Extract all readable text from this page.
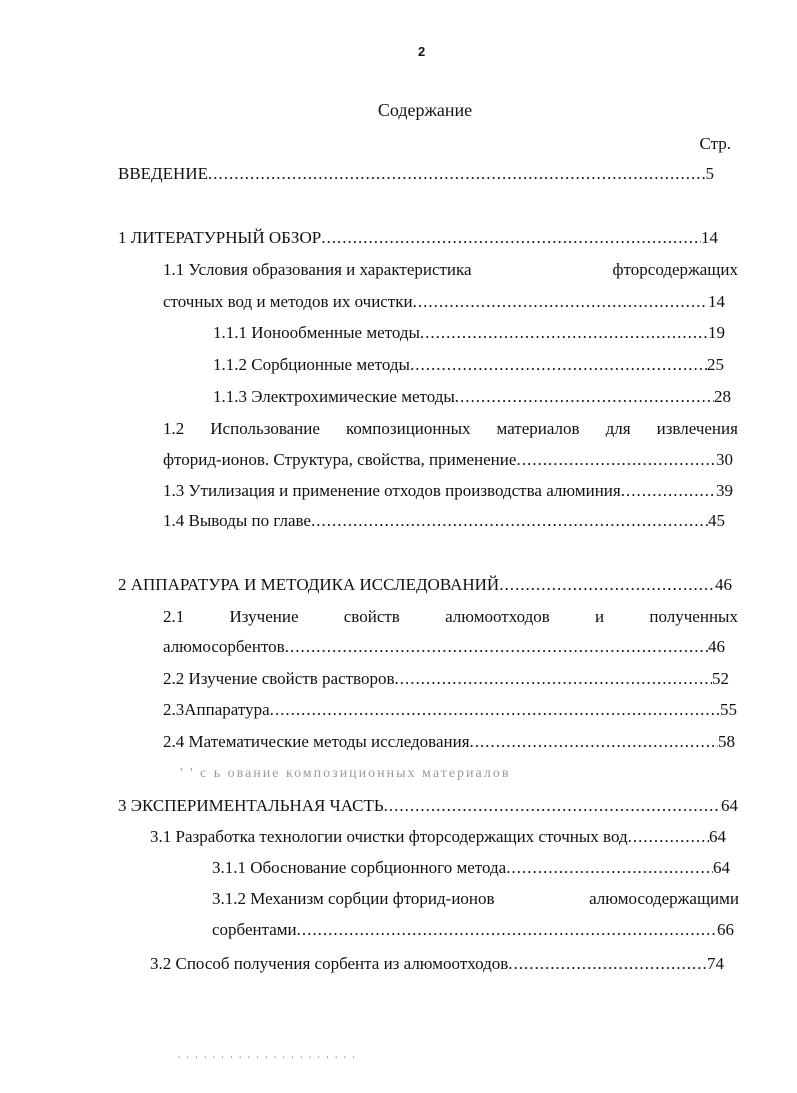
2
Содержание
Стр.
ВВЕДЕНИЕ .....	5
1 ЛИТЕРАТУРНЫЙ ОБЗОР .....	14
1.1 Условия образования и характеристика	фторсодержащих
сточных вод и методов их очистки .....	14
1.1.1 Ионообменные методы .....	19
1.1.2 Сорбционные методы .....	25
1.1.3 Электрохимические методы .....	28
1.2 Использование композиционных материалов для извлечения
фторид-ионов. Структура, свойства, применение .....	30
1.3 Утилизация и применение отходов производства алюминия .....	39
1.4 Выводы по главе .....	45
2 АППАРАТУРА И МЕТОДИКА ИССЛЕДОВАНИЙ .....	46
2.1	Изучение	свойств	алюмоотходов	и	полученных
алюмосорбентов .....	46
2.2 Изучение свойств растворов .....	52
2.3Аппаратура .....	55
2.4 Математические методы исследования .....	58
' ' с ь ование композиционных материалов
3 ЭКСПЕРИМЕНТАЛЬНАЯ ЧАСТЬ .....	64
3.1 Разработка технологии очистки фторсодержащих сточных вод .....	64
3.1.1 Обоснование сорбционного метода .....	64
3.1.2 Механизм сорбции фторид-ионов	алюмосодержащими
сорбентами .....	66
3.2 Способ получения сорбента из алюмоотходов .....	74
' ' ' ' ' ' ' ' ' ' ' ' ' ' ' ' ' ' ' ' '
